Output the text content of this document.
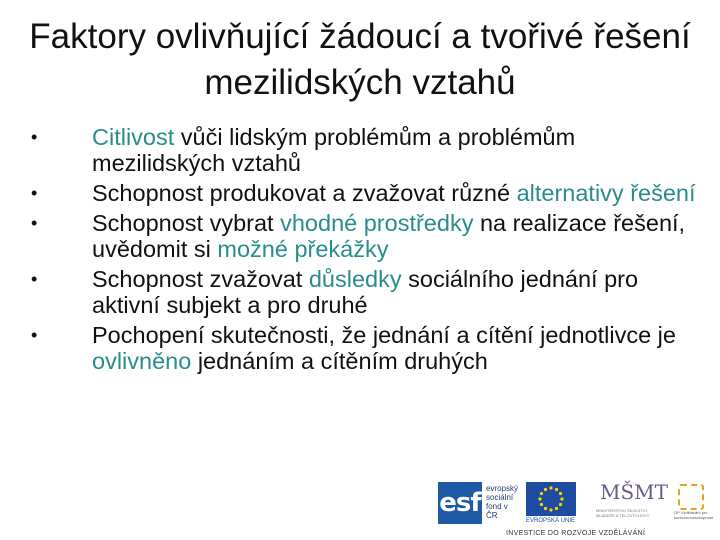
Faktory ovlivňující žádoucí a tvořivé řešení mezilidských vztahů
• Citlivost vůči lidským problémům a problémům mezilidských vztahů
• Schopnost produkovat a zvažovat různé alternativy řešení
• Schopnost vybrat vhodné prostředky na realizace řešení, uvědomit si možné překážky
• Schopnost zvažovat důsledky sociálního jednání pro aktivní subjekt a pro druhé
• Pochopení skutečnosti, že jednání a cítění jednotlivce je ovlivněno jednáním a cítěním druhých
esf evropský
sociální
fond v ČR
EVROPSKÁ UNIE
MŠMT
MINISTERSTVO ŠKOLSTVÍ, MLÁDEŽE A TĚLOVÝCHOVY
OP Vzdělávání pro konkurenceschopnost
INVESTICE DO ROZVOJE VZDĚLÁVÁNÍ
